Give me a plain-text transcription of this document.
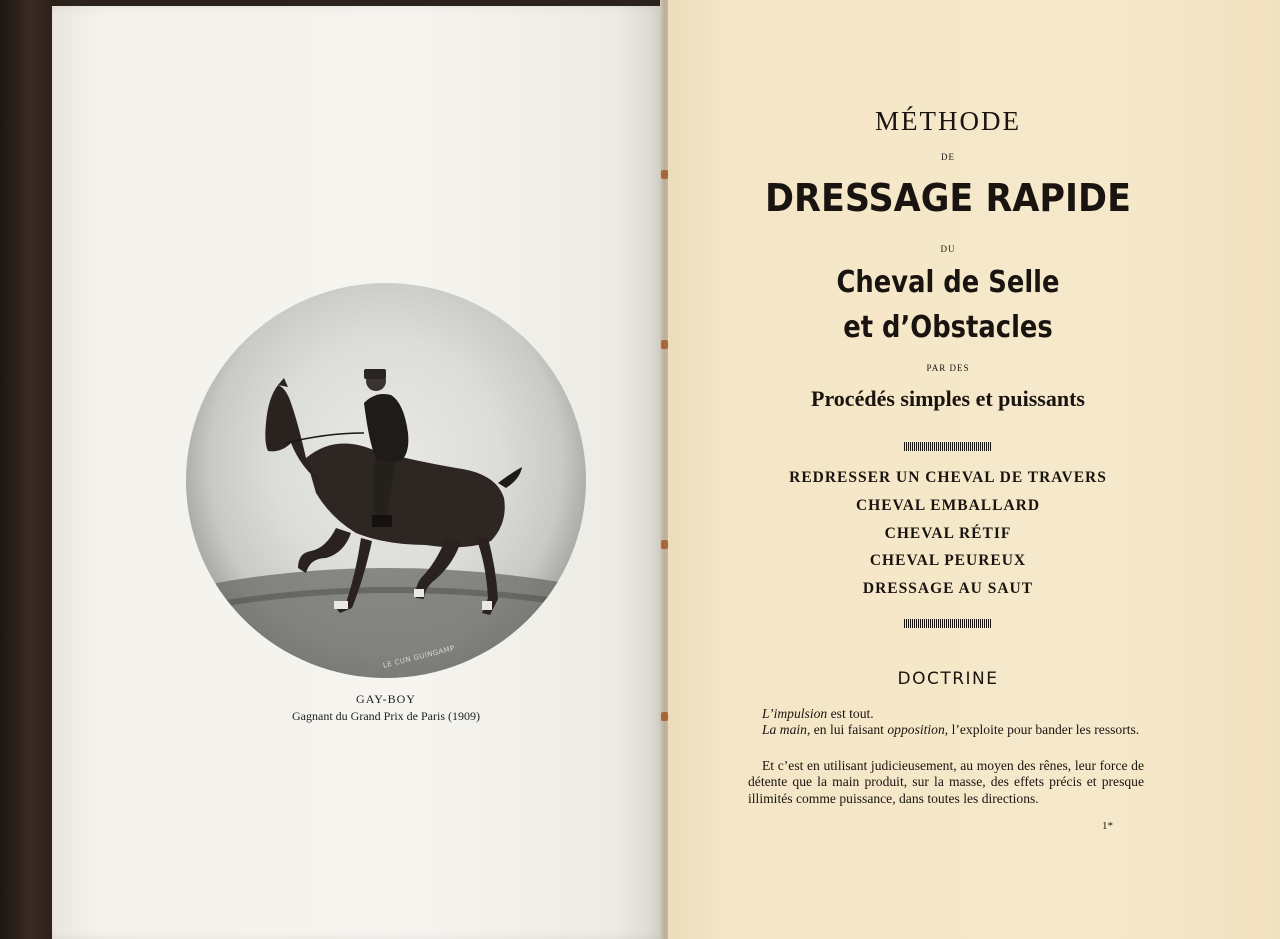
LE CUN GUINGAMP
GAY-BOY
Gagnant du Grand Prix de Paris (1909)
MÉTHODE
DE
DRESSAGE RAPIDE
DU
Cheval de Selle
et d’Obstacles
PAR DES
Procédés simples et puissants
REDRESSER UN CHEVAL DE TRAVERS
CHEVAL EMBALLARD
CHEVAL RÉTIF
CHEVAL PEUREUX
DRESSAGE AU SAUT
DOCTRINE
L’impulsion est tout.
La main, en lui faisant opposition, l’exploite pour bander les ressorts.
Et c’est en utilisant judicieusement, au moyen des rênes, leur force de détente que la main produit, sur la masse, des effets précis et presque illimités comme puissance, dans toutes les directions.
1*
